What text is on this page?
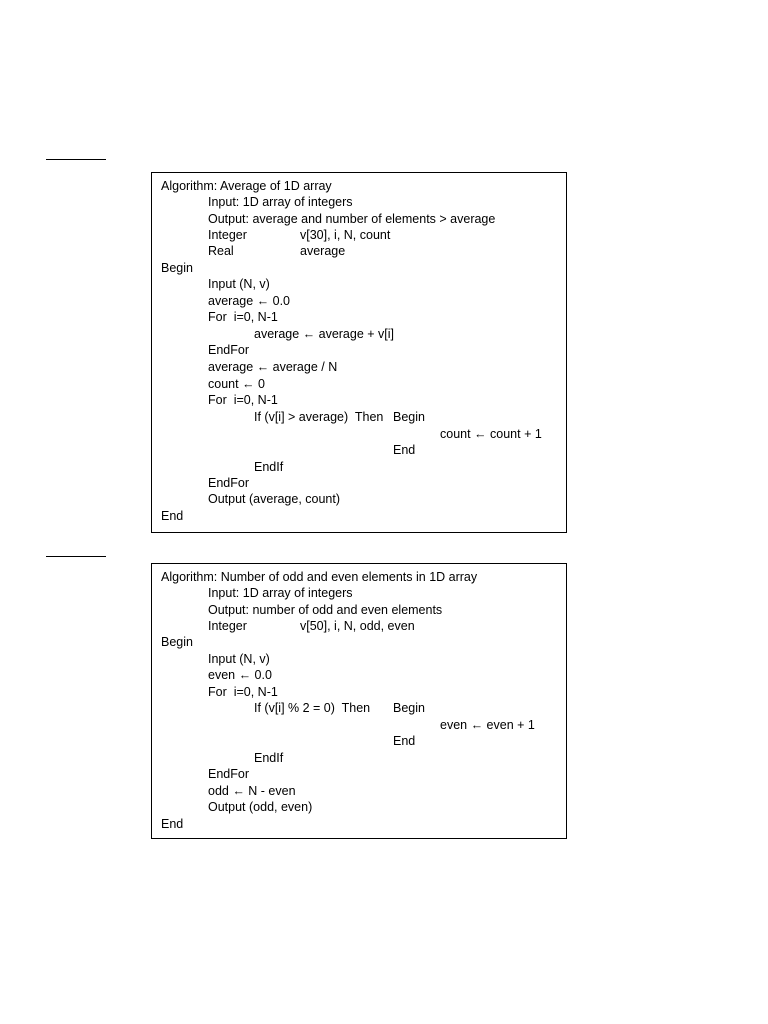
Algorithm: Average of 1D array
Input: 1D array of integers
Output: average and number of elements > average
Integer	v[30], i, N, count
Real	average
Begin
Input (N, v)
average ← 0.0
For  i=0, N-1
average ← average + v[i]
EndFor
average ← average / N
count ← 0
For  i=0, N-1
If (v[i] > average)  Then Begin
count ← count + 1
End
EndIf
EndFor
Output (average, count)
End
Algorithm: Number of odd and even elements in 1D array
Input: 1D array of integers
Output: number of odd and even elements
Integer	v[50], i, N, odd, even
Begin
Input (N, v)
even ← 0.0
For  i=0, N-1
If (v[i] % 2 = 0)  Then Begin
even ← even + 1
End
EndIf
EndFor
odd ← N - even
Output (odd, even)
End
